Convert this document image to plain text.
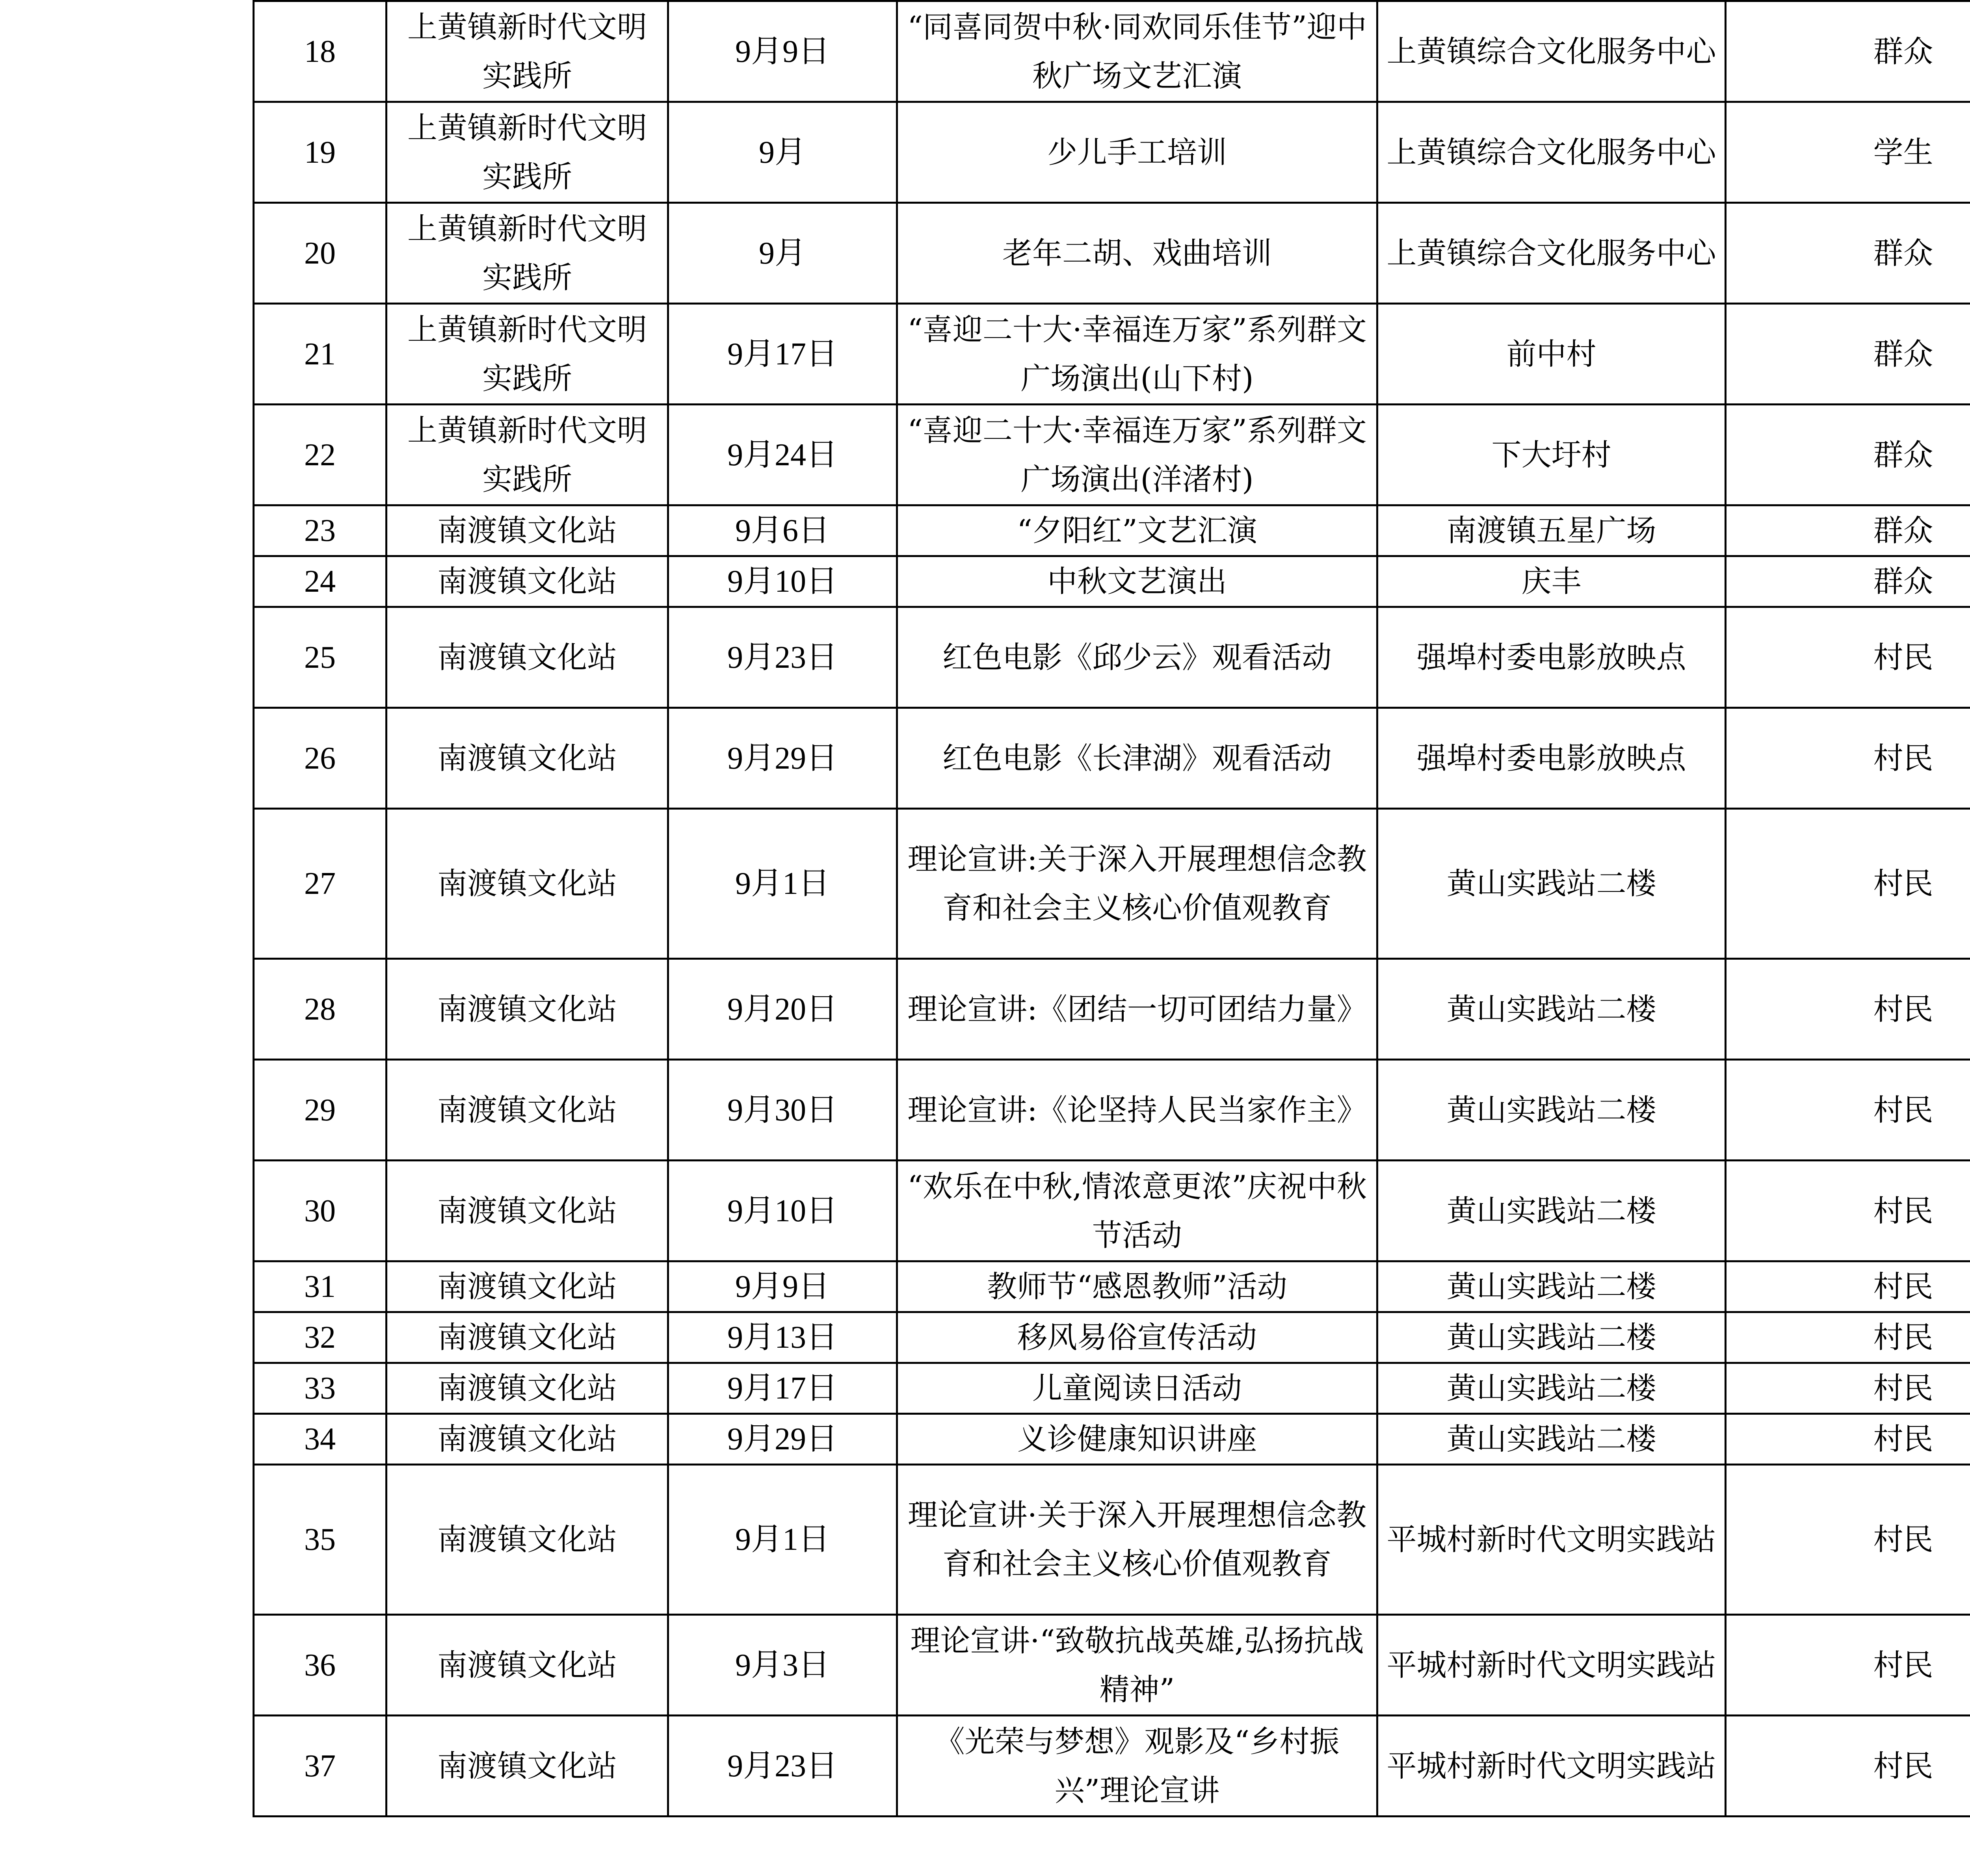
18	上黄镇新时代文明实践所	9月9日	“同喜同贺中秋·同欢同乐佳节”迎中秋广场文艺汇演	上黄镇综合文化服务中心	群众		
19	上黄镇新时代文明实践所	9月	少儿手工培训	上黄镇综合文化服务中心	学生		
20	上黄镇新时代文明实践所	9月	老年二胡、戏曲培训	上黄镇综合文化服务中心	群众		
21	上黄镇新时代文明实践所	9月17日	“喜迎二十大·幸福连万家”系列群文广场演出(山下村)	前中村	群众		
22	上黄镇新时代文明实践所	9月24日	“喜迎二十大·幸福连万家”系列群文广场演出(洋渚村)	下大圩村	群众		
23	南渡镇文化站	9月6日	“夕阳红”文艺汇演	南渡镇五星广场	群众		
24	南渡镇文化站	9月10日	中秋文艺演出	庆丰	群众		
25	南渡镇文化站	9月23日	红色电影《邱少云》观看活动	强埠村委电影放映点	村民		
26	南渡镇文化站	9月29日	红色电影《长津湖》观看活动	强埠村委电影放映点	村民		
27	南渡镇文化站	9月1日	理论宣讲:关于深入开展理想信念教育和社会主义核心价值观教育	黄山实践站二楼	村民		
28	南渡镇文化站	9月20日	理论宣讲:《团结一切可团结力量》	黄山实践站二楼	村民		
29	南渡镇文化站	9月30日	理论宣讲:《论坚持人民当家作主》	黄山实践站二楼	村民		
30	南渡镇文化站	9月10日	“欢乐在中秋,情浓意更浓”庆祝中秋节活动	黄山实践站二楼	村民		
31	南渡镇文化站	9月9日	教师节“感恩教师”活动	黄山实践站二楼	村民		
32	南渡镇文化站	9月13日	移风易俗宣传活动	黄山实践站二楼	村民		
33	南渡镇文化站	9月17日	儿童阅读日活动	黄山实践站二楼	村民		
34	南渡镇文化站	9月29日	义诊健康知识讲座	黄山实践站二楼	村民		
35	南渡镇文化站	9月1日	理论宣讲·关于深入开展理想信念教育和社会主义核心价值观教育	平城村新时代文明实践站	村民		
36	南渡镇文化站	9月3日	理论宣讲·“致敬抗战英雄,弘扬抗战精神”	平城村新时代文明实践站	村民		
37	南渡镇文化站	9月23日	《光荣与梦想》观影及“乡村振兴”理论宣讲	平城村新时代文明实践站	村民		
